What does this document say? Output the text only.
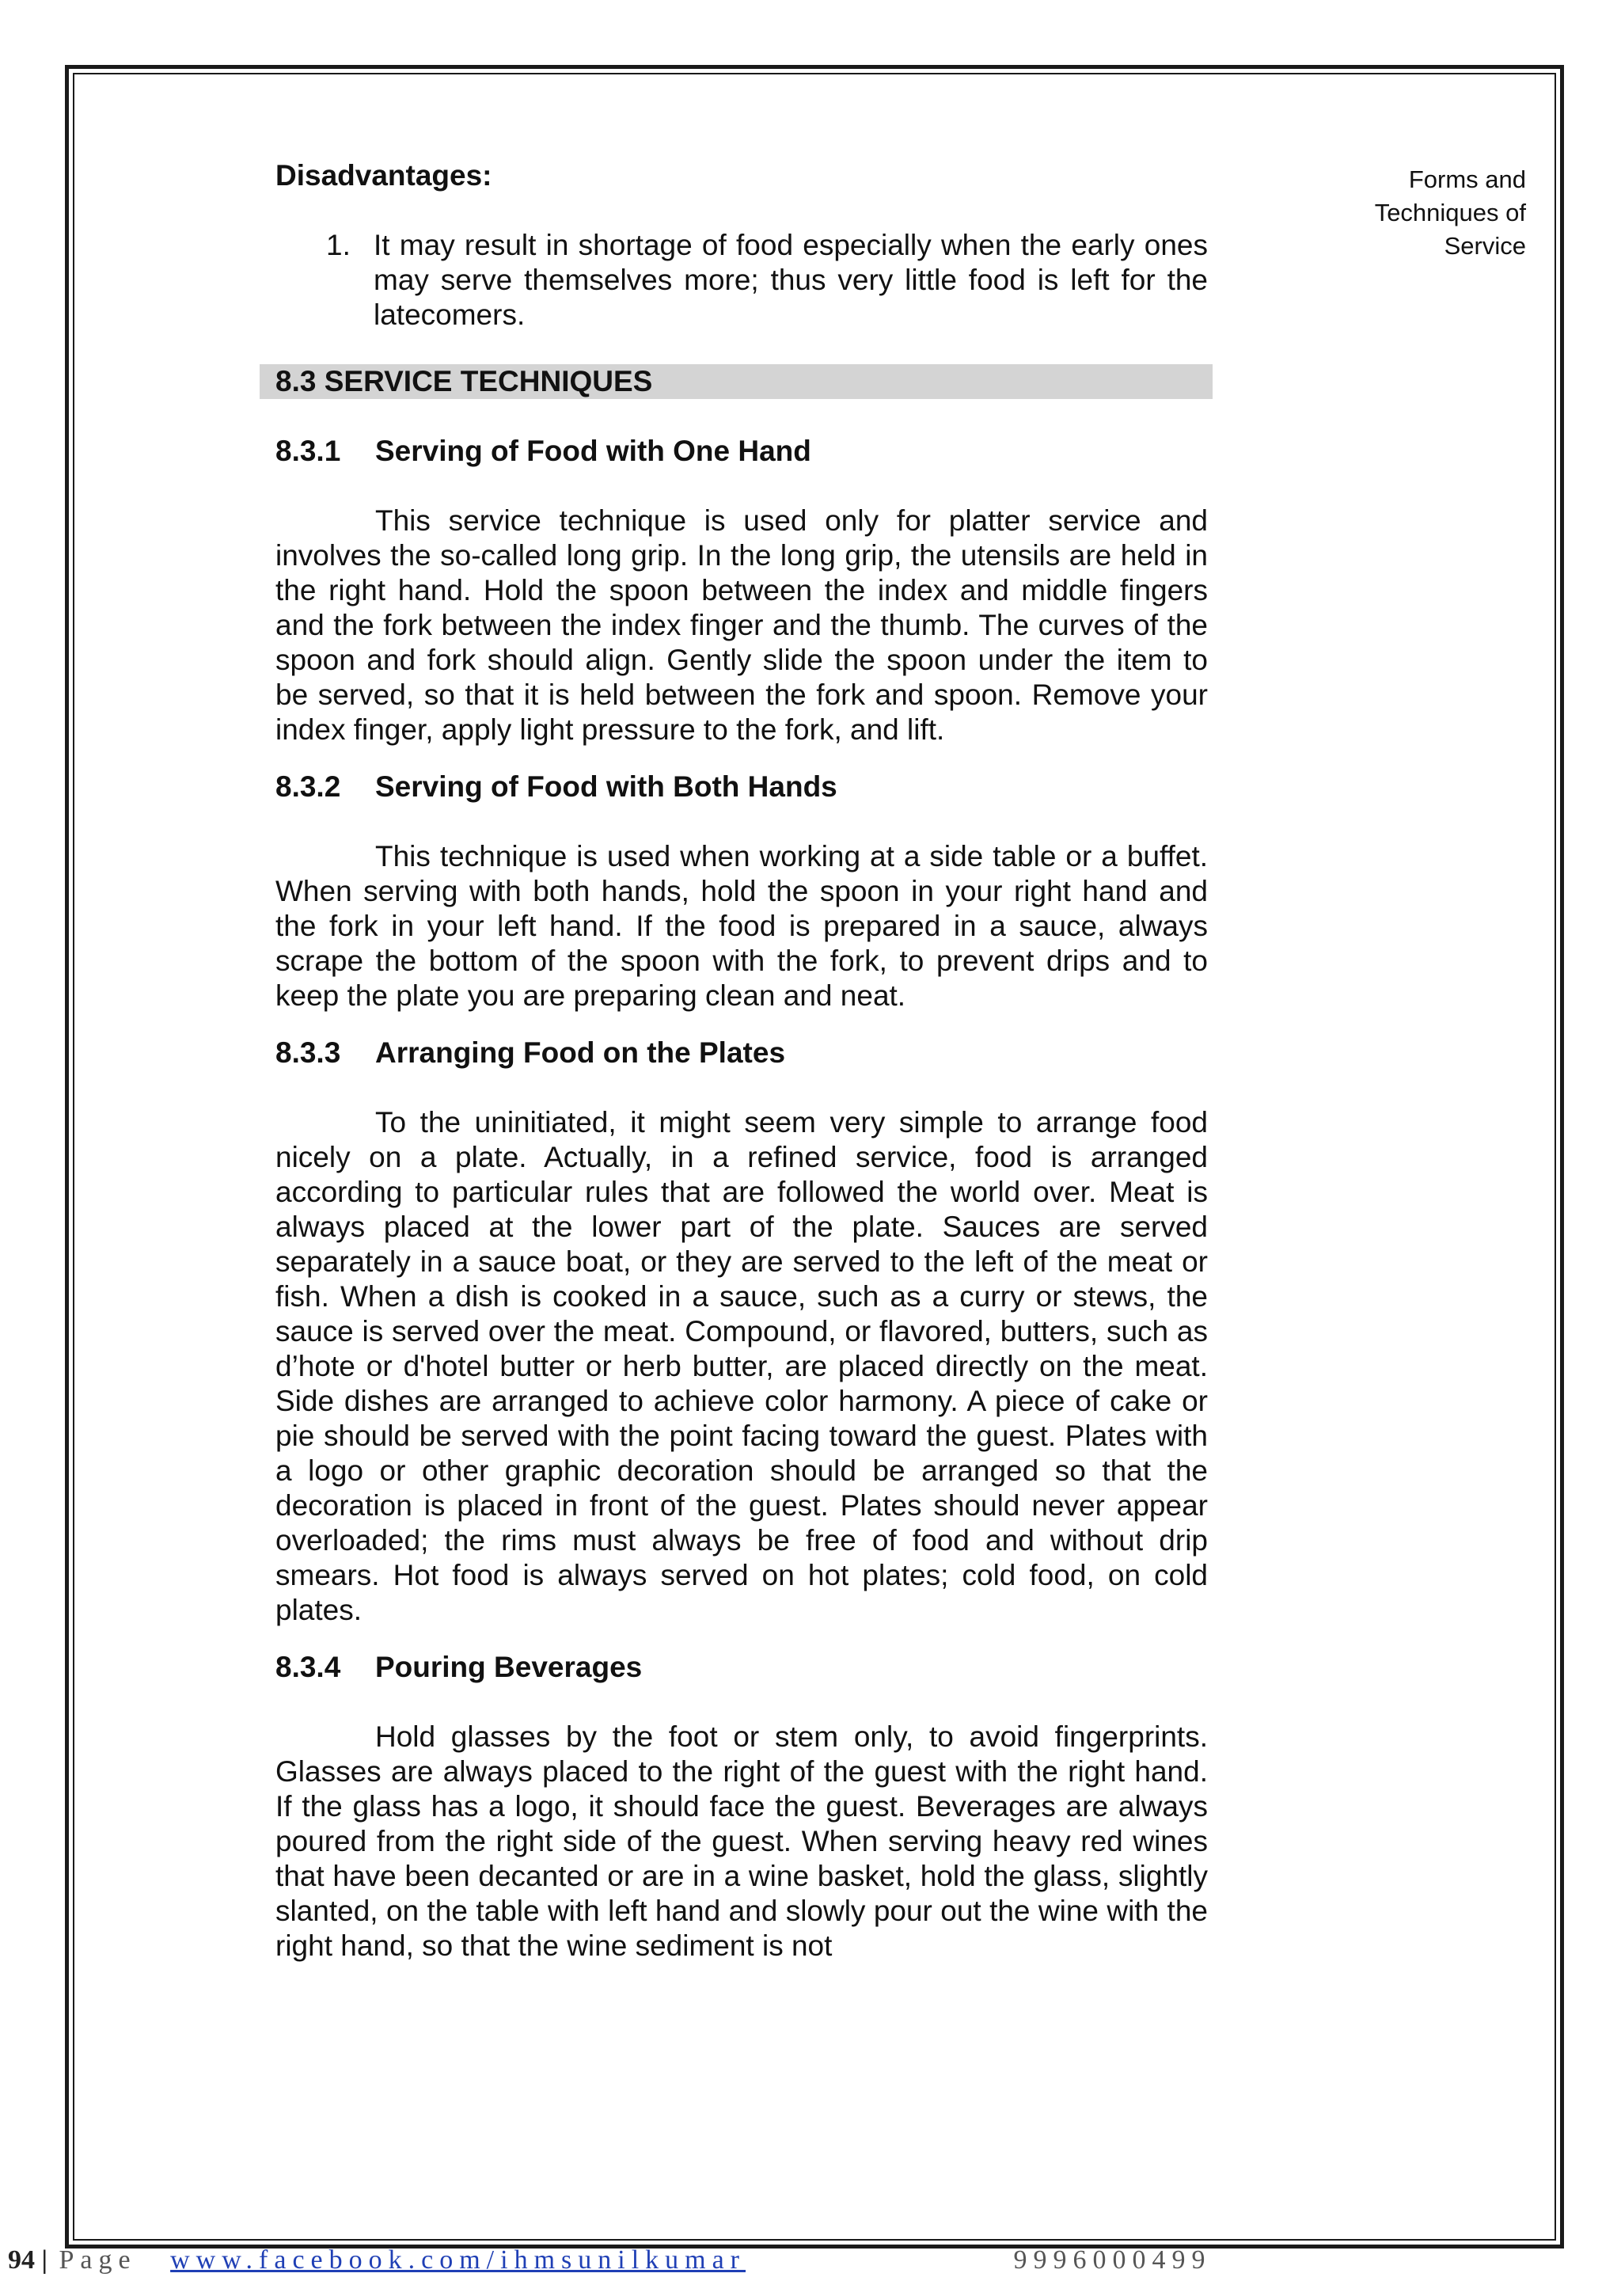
Forms and
Techniques of
Service

Disadvantages:

1. It may result in shortage of food especially when the early ones may serve themselves more; thus very little food is left for the latecomers.
8.3 SERVICE TECHNIQUES
8.3.1	Serving of Food with One Hand

This service technique is used only for platter service and involves the so-called long grip. In the long grip, the utensils are held in the right hand. Hold the spoon between the index and middle fingers and the fork between the index finger and the thumb. The curves of the spoon and fork should align. Gently slide the spoon under the item to be served, so that it is held between the fork and spoon. Remove your index finger, apply light pressure to the fork, and lift.

8.3.2	Serving of Food with Both Hands

This technique is used when working at a side table or a buffet. When serving with both hands, hold the spoon in your right hand and the fork in your left hand. If the food is prepared in a sauce, always scrape the bottom of the spoon with the fork, to prevent drips and to keep the plate you are preparing clean and neat.

8.3.3	Arranging Food on the Plates

To the uninitiated, it might seem very simple to arrange food nicely on a plate. Actually, in a refined service, food is arranged according to particular rules that are followed the world over. Meat is always placed at the lower part of the plate. Sauces are served separately in a sauce boat, or they are served to the left of the meat or fish. When a dish is cooked in a sauce, such as a curry or stews, the sauce is served over the meat. Compound, or flavored, butters, such as d’hote or d'hotel butter or herb butter, are placed directly on the meat. Side dishes are arranged to achieve color harmony. A piece of cake or pie should be served with the point facing toward the guest. Plates with a logo or other graphic decoration should be arranged so that the decoration is placed in front of the guest. Plates should never appear overloaded; the rims must always be free of food and without drip smears. Hot food is always served on hot plates; cold food, on cold plates.

8.3.4	Pouring Beverages

Hold glasses by the foot or stem only, to avoid fingerprints. Glasses are always placed to the right of the guest with the right hand. If the glass has a logo, it should face the guest. Beverages are always poured from the right side of the guest. When serving heavy red wines that have been decanted or are in a wine basket, hold the glass, slightly slanted, on the table with left hand and slowly pour out the wine with the right hand, so that the wine sediment is not

94 | Page www.facebook.com/ihmsunilkumar	9996000499
